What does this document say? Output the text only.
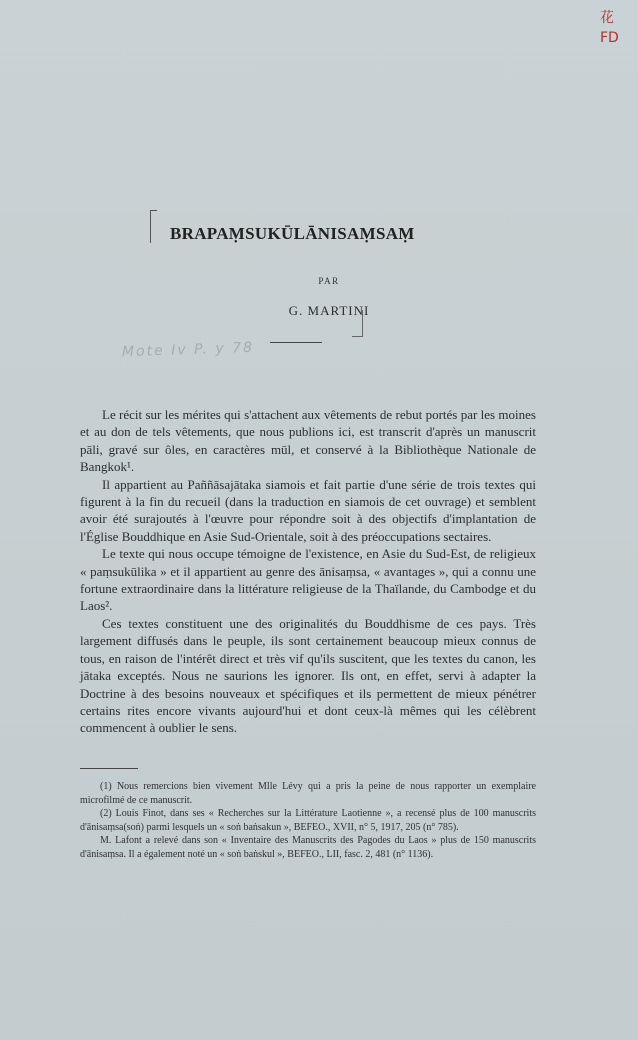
花
FD
BRAPAṂSUKŪLĀNISAṂSAṂ
PAR
G. MARTINI
Mote Iv P. y 78

Le récit sur les mérites qui s'attachent aux vêtements de rebut portés par les moines et au don de tels vêtements, que nous publions ici, est transcrit d'après un manuscrit pāli, gravé sur ôles, en caractères mūl, et conservé à la Bibliothèque Nationale de Bangkok¹.

Il appartient au Paññāsajātaka siamois et fait partie d'une série de trois textes qui figurent à la fin du recueil (dans la traduction en siamois de cet ouvrage) et semblent avoir été surajoutés à l'œuvre pour répondre soit à des objectifs d'implantation de l'Église Bouddhique en Asie Sud-Orientale, soit à des préoccupations sectaires.

Le texte qui nous occupe témoigne de l'existence, en Asie du Sud-Est, de religieux « paṃsukūlika » et il appartient au genre des ānisaṃsa, « avantages », qui a connu une fortune extraordinaire dans la littérature religieuse de la Thaïlande, du Cambodge et du Laos².

Ces textes constituent une des originalités du Bouddhisme de ces pays. Très largement diffusés dans le peuple, ils sont certainement beaucoup mieux connus de tous, en raison de l'intérêt direct et très vif qu'ils suscitent, que les textes du canon, les jātaka exceptés. Nous ne saurions les ignorer. Ils ont, en effet, servi à adapter la Doctrine à des besoins nouveaux et spécifiques et ils permettent de mieux pénétrer certains rites encore vivants aujourd'hui et dont ceux-là mêmes qui les célèbrent commencent à oublier le sens.

(1) Nous remercions bien vivement Mlle Lévy qui a pris la peine de nous rapporter un exemplaire microfilmé de ce manuscrit.

(2) Louis Finot, dans ses « Recherches sur la Littérature Laotienne », a recensé plus de 100 manuscrits d'ānisaṃsa(soṅ) parmi lesquels un « soṅ baṅsakun », BEFEO., XVII, n° 5, 1917, 205 (n° 785).

M. Lafont a relevé dans son « Inventaire des Manuscrits des Pagodes du Laos » plus de 150 manuscrits d'ānisaṃsa. Il a également noté un « soṅ baṅskul », BEFEO., LII, fasc. 2, 481 (n° 1136).
